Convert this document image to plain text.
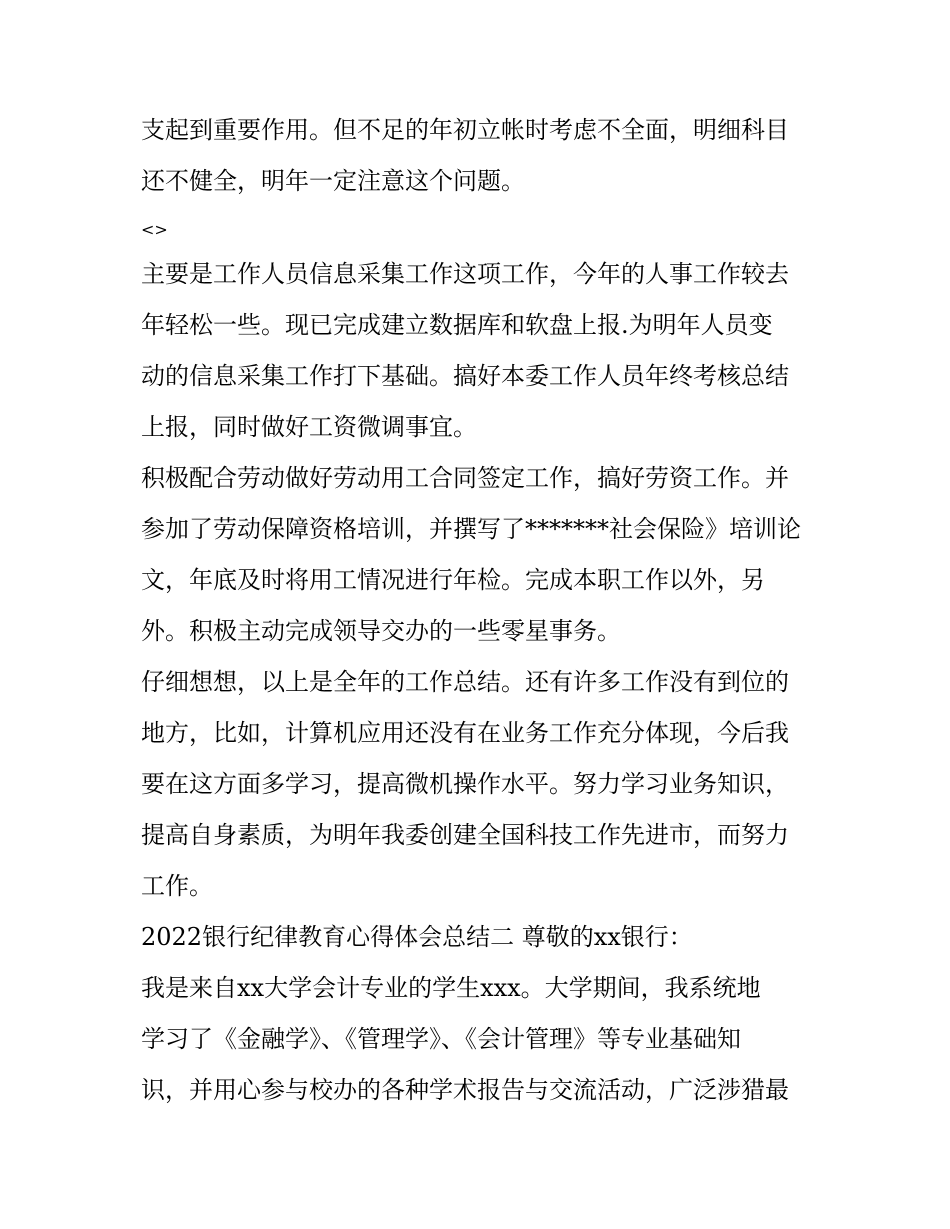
支起到重要作用。但不足的年初立帐时考虑不全面，明细科目
还不健全，明年一定注意这个问题。
<>
主要是工作人员信息采集工作这项工作，今年的人事工作较去
年轻松一些。现已完成建立数据库和软盘上报.为明年人员变
动的信息采集工作打下基础。搞好本委工作人员年终考核总结
上报，同时做好工资微调事宜。
积极配合劳动做好劳动用工合同签定工作，搞好劳资工作。并
参加了劳动保障资格培训，并撰写了*******社会保险》培训论
文，年底及时将用工情况进行年检。完成本职工作以外，另
外。积极主动完成领导交办的一些零星事务。
仔细想想，以上是全年的工作总结。还有许多工作没有到位的
地方，比如，计算机应用还没有在业务工作充分体现，今后我
要在这方面多学习，提高微机操作水平。努力学习业务知识，
提高自身素质，为明年我委创建全国科技工作先进市，而努力
工作。
2022银行纪律教育心得体会总结二 尊敬的xx银行：
我是来自xx大学会计专业的学生xxx。大学期间，我系统地
学习了《金融学》、《管理学》、《会计管理》等专业基础知
识，并用心参与校办的各种学术报告与交流活动，广泛涉猎最
